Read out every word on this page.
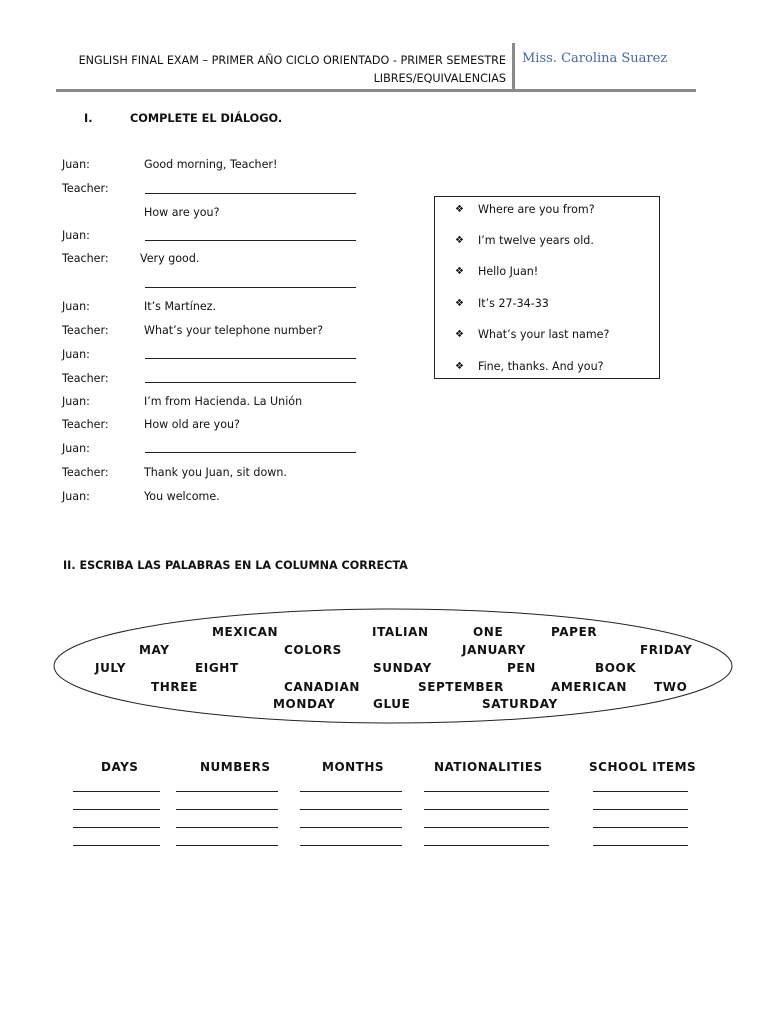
ENGLISH FINAL EXAM – PRIMER AÑO CICLO ORIENTADO - PRIMER SEMESTRE
LIBRES/EQUIVALENCIAS
Miss. Carolina Suarez
I.	COMPLETE EL DIÁLOGO.
Juan:	Good morning, Teacher!
Teacher:
How are you?
Juan:
Teacher:	Very good.
Juan:	It’s Martínez.
Teacher:	What’s your telephone number?
Juan:
Teacher:
Juan:	I’m from Hacienda. La Unión
Teacher:	How old are you?
Juan:
Teacher:	Thank you Juan, sit down.
Juan:	You welcome.
❖ Where are you from?
❖ I’m twelve years old.
❖ Hello Juan!
❖ It’s 27-34-33
❖ What’s your last name?
❖ Fine, thanks. And you?
II. ESCRIBA LAS PALABRAS EN LA COLUMNA CORRECTA
MEXICAN	ITALIAN	ONE	PAPER
MAY	COLORS	JANUARY	FRIDAY
JULY	EIGHT	SUNDAY	PEN	BOOK
THREE	CANADIAN	SEPTEMBER	AMERICAN TWO
MONDAY	GLUE	SATURDAY
DAYS	NUMBERS	MONTHS	NATIONALITIES	SCHOOL ITEMS
